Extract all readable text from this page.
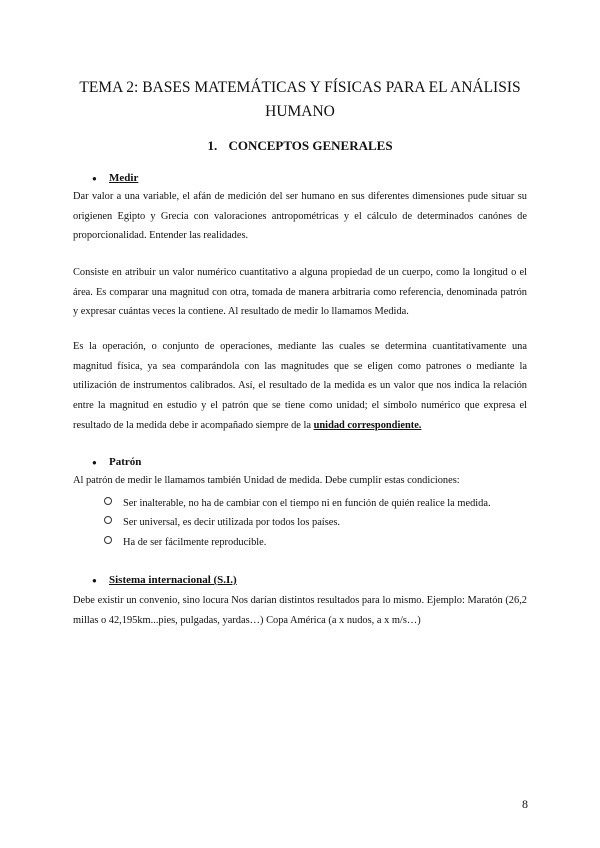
TEMA 2: BASES MATEMÁTICAS Y FÍSICAS PARA EL ANÁLISIS HUMANO
1. CONCEPTOS GENERALES
● Medir

Dar valor a una variable, el afán de medición del ser humano en sus diferentes dimensiones pude situar su origienen Egipto y Grecia con valoraciones antropométricas y el cálculo de determinados canónes de proporcionalidad. Entender las realidades.

Consiste en atribuir un valor numérico cuantitativo a alguna propiedad de un cuerpo, como la longitud o el área. Es comparar una magnitud con otra, tomada de manera arbitraria como referencia, denominada patrón y expresar cuántas veces la contiene. Al resultado de medir lo llamamos Medida.

Es la operación, o conjunto de operaciones, mediante las cuales se determina cuantitativamente una magnitud física, ya sea comparándola con las magnitudes que se eligen como patrones o mediante la utilización de instrumentos calibrados. Así, el resultado de la medida es un valor que nos indica la relación entre la magnitud en estudio y el patrón que se tiene como unidad; el símbolo numérico que expresa el resultado de la medida debe ir acompañado siempre de la unidad correspondiente.

● Patrón

Al patrón de medir le llamamos también Unidad de medida. Debe cumplir estas condiciones:

Ser inalterable, no ha de cambiar con el tiempo ni en función de quién realice la medida.
Ser universal, es decir utilizada por todos los países.
Ha de ser fácilmente reproducible.
● Sistema internacional (S.I.)

Debe existir un convenio, sino locura Nos darían distintos resultados para lo mismo. Ejemplo: Maratón (26,2 millas o 42,195km...pies, pulgadas, yardas…) Copa América (a x nudos, a x m/s…)

8
